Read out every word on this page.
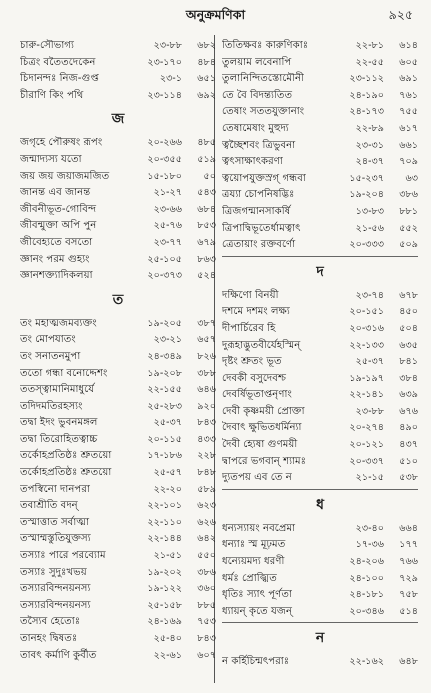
অনুক্রমণিকা	৯২৫
চারু-সৌভাগ্য	২৩-৮৮	৬৮২
চিত্রং বতৈতদেকেন	২৩-১৭০	৪৮৪
চিদানন্দঃ নিজ-গুপ্ত	২৩-১	৬৫১
চীরাণি কিং পথি	২৩-১১৪	৬৯২
জ
জগৃহে পৌরুষং রূপং	২০-২৬৬	৪৮৫
জন্মাদ্যস্য যতো	২০-৩৫৫	৫১৯
জয় জয় জয়াজমজিত	১৫-১৮০	৫০
জানন্ত এব জানন্ত	২১-২৭	৫৪৩
জীবনীভূত-গোবিন্দ	২৩-৬৬	৬৮৪
জীবন্মুক্তা অপি পুন	২৫-৭৬	৮৫৩
জীবেহ্যতে বসতো	২৩-৭৭	৬৭৯
জ্ঞানং পরম গুহ্যং	২৫-১০৫	৮৬৩
জ্ঞানশক্ত্যাদিকলয়া	২০-৩৭৩	৫২৪
ত
তং মহাত্মজমব্যক্তং	১৯-২০৫	৩৮৭
তং মোপযাতং	২৩-২১	৬৫৭
তং সনাতনমুপা	২৪-৩৪৯	৮২৬
ততো গন্ধা বনোদ্দেশং	১৯-২০৮	৩৮৮
ততস্ত্বামানিমাধুর্যে	২২-১৫৫	৬৪৬
তদিদমতিরহস্যং	২৫-২৮৩	৯২০
তদ্বা ইদং ভুবনমঙ্গল	২৫-৩৭	৮৪৩
তদ্বা তিরোহিতত্বাচ্চ	২০-১১৫	৪৩৩
তর্কোহপ্রতিষ্ঠঃ শ্রুতয়ো	১৭-১৮৬	২২৮
তর্কোহপ্রতিষ্ঠঃ শ্রুতয়ো	২৫-৫৭	৮৪৮
তপস্বিনো দানপরা	২২-২০	৫৮৯
তবাশ্রীতি বদন্	২২-১০১	৬২৩
তস্মাত্তাত সর্বাত্মা	২২-১১০	৬২৬
তস্মাম্মস্তুতিযুক্তস্য	২২-১৪৪	৬৪২
তস্যাঃ পারে পরব্যোম	২১-৫১	৫৫০
তস্যাঃ সুদুঃখভয়	১৯-২০২	৩৮৬
তস্যারবিন্দনয়নস্য	১৯-১২২	৩৬০
তস্যারবিন্দনয়নস্য	২৫-১৫৮	৮৮৫
তস্যৈব হেতোঃ	২৪-১৬৯	৭৫৩
তানহং দ্বিষতঃ	২৫-৪০	৮৪৩
তাবৎ কর্মাণি কুর্বীত	২২-৬১	৬০৭
তিতিক্ষবঃ কারুণিকাঃ	২২-৮১	৬১৪
তুলয়াম লবেনাপি	২২-৫৫	৬০৫
তুলানিন্দিতস্তোমৌনী	২৩-১১২	৬৯১
তে বৈ বিদন্ত্যতিত	২৪-১৯০	৭৬১
তেষাং সততযুক্তানাং	২৪-১৭৩	৭৫৫
তেষামেষাং মুহুদ্য	২২-৮৯	৬১৭
ত্বচ্ছৈশবং ত্রিভুবনা	২৩-৩১	৬৬১
ত্বৎসাক্ষাৎকরণা	২৪-৩৭	৭০৯
ত্বয়োপযুক্তস্রগ্ গন্ধবা	১৫-২৩৭	৬৩
ত্রয্যা চোপনিষদ্ভিঃ	১৯-২০৪	৩৮৬
ত্রিজগন্মানসাকর্ষি	১৩-৮৩	৮৮১
ত্রিপাদ্বিভূতের্ধামত্বাৎ	২১-৫৬	৫৫২
ত্রেতায়াং রক্তবর্ণো	২০-৩৩৩	৫০৯
দ
দক্ষিণো বিনয়ী	২৩-৭৪	৬৭৮
দশমে দশমং লক্ষ্য	২০-১৫১	৪৫০
দীপার্চিরেব হি	২০-৩১৬	৫০৪
দুরূহাদ্ভুতবীর্যেহস্মিন্	২২-১৩৩	৬৩৫
দৃষ্টং শ্রুতং ভূত	২৫-৩৭	৮৪১
দেবকী বসুদেবশ্চ	১৯-১৯৭	৩৮৪
দেবর্ষিভূতাপ্তনৃণাং	২২-১৪১	৬৩৯
দেবী কৃষ্ণময়ী প্রোক্তা	২৩-৮৮	৬৭৬
দৈবাৎ ক্ষুভিতধর্মিন্যা	২০-২৭৪	৪৯০
দৈবী হ্যেষা গুণময়ী	২০-১২১	৪৩৭
দ্বাপরে ভগবান্ শ্যামঃ	২০-৩৩৭	৫১০
দ্যুতপয় এব তে ন	২১-১৫	৫৩৮
ধ
ধন্যস্যায়ং নবপ্রেমা	২৩-৪০	৬৬৪
ধন্যাঃ স্ম মূঢ়মত	১৭-৩৬	১৭৭
ধন্যেয়মদ্য ধরণী	২৪-২০৬	৭৬৬
ধর্মঃ প্রোজ্ঝিত	২৪-১০০	৭২৯
ধৃতিঃ স্যাৎ পূর্ণতা	২৪-১৮১	৭৫৮
ধ্যায়ন্ কৃতে যজন্	২০-৩৪৬	৫১৪
ন
ন কর্হিচিন্মৎপরাঃ	২২-১৬২	৬৪৮
